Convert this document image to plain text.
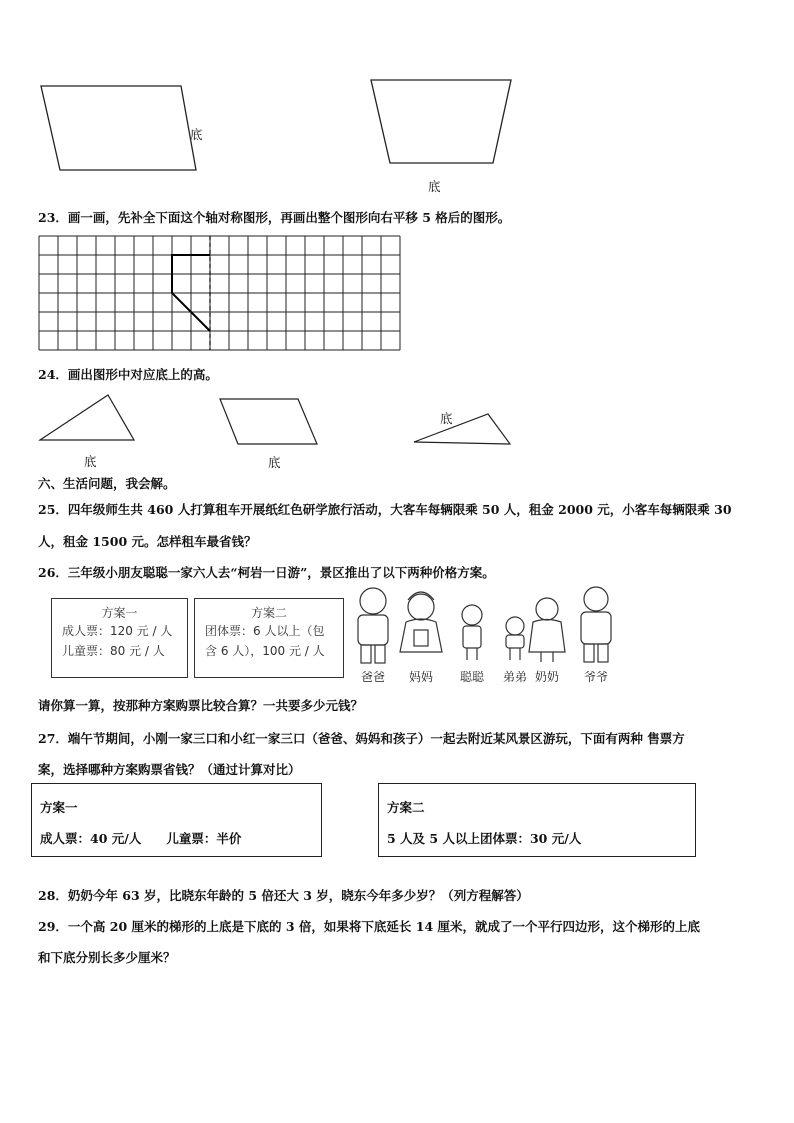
底
底
23．画一画，先补全下面这个轴对称图形，再画出整个图形向右平移 5 格后的图形。
24．画出图形中对应底上的高。
底	底
底
六、生活问题，我会解。
25．四年级师生共 460 人打算租车开展纸红色研学旅行活动，大客车每辆限乘 50 人，租金 2000 元，小客车每辆限乘 30
人，租金 1500 元。怎样租车最省钱？
26．三年级小朋友聪聪一家六人去“柯岩一日游”，景区推出了以下两种价格方案。
方案一
成人票：120 元 / 人
儿童票：80 元 / 人
方案二
团体票：6 人以上（包
含 6 人），100 元 / 人
爸爸	妈妈	聪聪	弟弟 奶奶	爷爷
请你算一算，按那种方案购票比较合算？一共要多少元钱？
27．端午节期间，小刚一家三口和小红一家三口（爸爸、妈妈和孩子）一起去附近某风景区游玩，下面有两种 售票方
案，选择哪种方案购票省钱？（通过计算对比）
方案一
成人票：40 元/人　　儿童票：半价
方案二
5 人及 5 人以上团体票：30 元/人
28．奶奶今年 63 岁，比晓东年龄的 5 倍还大 3 岁，晓东今年多少岁？（列方程解答）
29．一个高 20 厘米的梯形的上底是下底的 3 倍，如果将下底延长 14 厘米，就成了一个平行四边形，这个梯形的上底
和下底分别长多少厘米？
